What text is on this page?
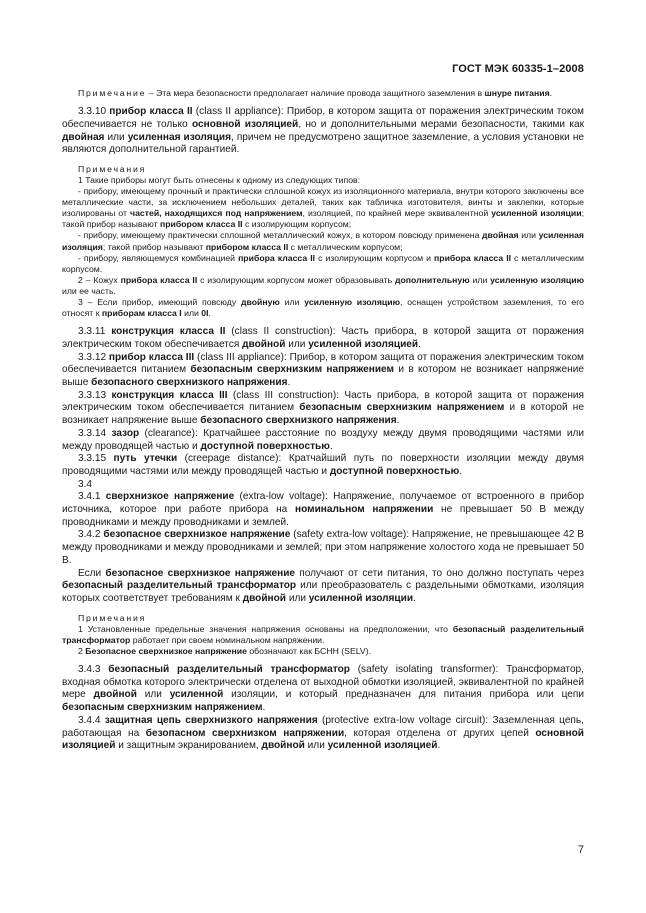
ГОСТ МЭК 60335-1–2008

Примечание – Эта мера безопасности предполагает наличие провода защитного заземления в шнуре питания.

3.3.10 прибор класса II (class II appliance): Прибор, в котором защита от поражения электрическим током обеспечивается не только основной изоляцией, но и дополнительными мерами безопасности, такими как двойная или усиленная изоляция, причем не предусмотрено защитное заземление, а условия установки не являются дополнительной гарантией.

Примечания

1 Такие приборы могут быть отнесены к одному из следующих типов:

- прибору, имеющему прочный и практически сплошной кожух из изоляционного материала, внутри которого заключены все металлические части, за исключением небольших деталей, таких как табличка изготовителя, винты и заклепки, которые изолированы от частей, находящихся под напряжением, изоляцией, по крайней мере эквивалентной усиленной изоляции; такой прибор называют прибором класса II с изолирующим корпусом;

- прибору, имеющему практически сплошной металлический кожух, в котором повсюду применена двойная или усиленная изоляция; такой прибор называют прибором класса II с металлическим корпусом;

- прибору, являющемуся комбинацией прибора класса II с изолирующим корпусом и прибора класса II с металлическим корпусом.

2 – Кожух прибора класса II с изолирующим корпусом может образовывать дополнительную или усиленную изоляцию или ее часть.

3 – Если прибор, имеющий повсюду двойную или усиленную изоляцию, оснащен устройством заземления, то его относят к приборам класса I или 0I.

3.3.11 конструкция класса II (class II construction): Часть прибора, в которой защита от поражения электрическим током обеспечивается двойной или усиленной изоляцией.

3.3.12 прибор класса III (class III appliance): Прибор, в котором защита от поражения электрическим током обеспечивается питанием безопасным сверхнизким напряжением и в котором не возникает напряжение выше безопасного сверхнизкого напряжения.

3.3.13 конструкция класса III (class III construction): Часть прибора, в которой защита от поражения электрическим током обеспечивается питанием безопасным сверхнизким напряжением и в которой не возникает напряжение выше безопасного сверхнизкого напряжения.

3.3.14 зазор (clearance): Кратчайшее расстояние по воздуху между двумя проводящими частями или между проводящей частью и доступной поверхностью.

3.3.15 путь утечки (creepage distance): Кратчайший путь по поверхности изоляции между двумя проводящими частями или между проводящей частью и доступной поверхностью.

3.4

3.4.1 сверхнизкое напряжение (extra-low voltage): Напряжение, получаемое от встроенного в прибор источника, которое при работе прибора на номинальном напряжении не превышает 50 В между проводниками и между проводниками и землей.

3.4.2 безопасное сверхнизкое напряжение (safety extra-low voltage): Напряжение, не превышающее 42 В между проводниками и между проводниками и землей; при этом напряжение холостого хода не превышает 50 В.

Если безопасное сверхнизкое напряжение получают от сети питания, то оно должно поступать через безопасный разделительный трансформатор или преобразователь с раздельными обмотками, изоляция которых соответствует требованиям к двойной или усиленной изоляции.

Примечания

1 Установленные предельные значения напряжения основаны на предположении, что безопасный разделительный трансформатор работает при своем номинальном напряжении.

2 Безопасное сверхнизкое напряжение обозначают как БСНН (SELV).

3.4.3 безопасный разделительный трансформатор (safety isolating transformer): Трансформатор, входная обмотка которого электрически отделена от выходной обмотки изоляцией, эквивалентной по крайней мере двойной или усиленной изоляции, и который предназначен для питания прибора или цепи безопасным сверхнизким напряжением.

3.4.4 защитная цепь сверхнизкого напряжения (protective extra-low voltage circuit): Заземленная цепь, работающая на безопасном сверхнизком напряжении, которая отделена от других цепей основной изоляцией и защитным экранированием, двойной или усиленной изоляцией.

7
